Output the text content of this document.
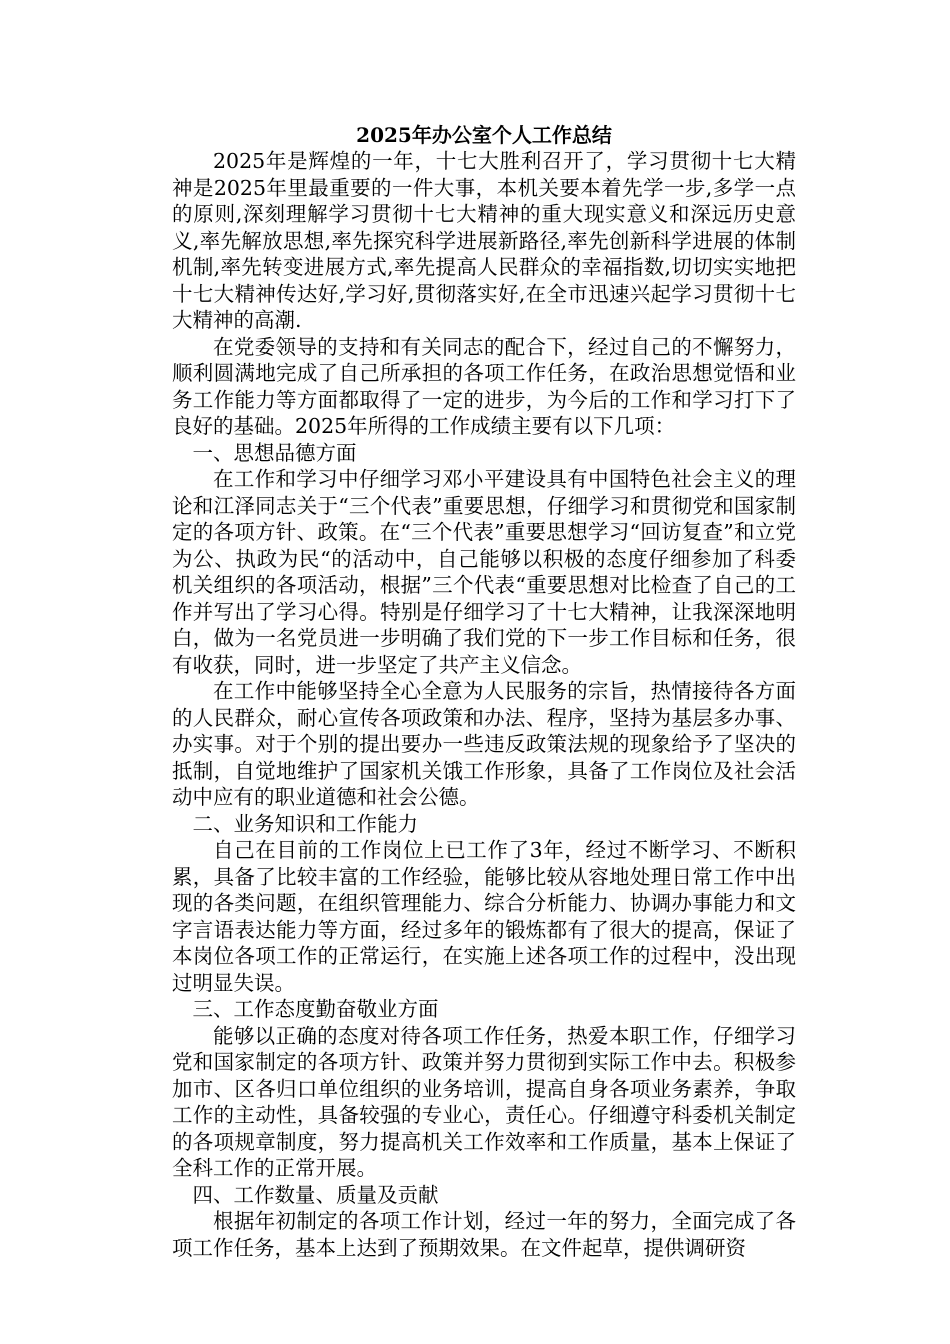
2025年办公室个人工作总结

2025年是辉煌的一年，十七大胜利召开了，学习贯彻十七大精神是2025年里最重要的一件大事，本机关要本着先学一步,多学一点的原则,深刻理解学习贯彻十七大精神的重大现实意义和深远历史意义,率先解放思想,率先探究科学进展新路径,率先创新科学进展的体制机制,率先转变进展方式,率先提高人民群众的幸福指数,切切实实地把十七大精神传达好,学习好,贯彻落实好,在全市迅速兴起学习贯彻十七大精神的高潮.

在党委领导的支持和有关同志的配合下，经过自己的不懈努力，顺利圆满地完成了自己所承担的各项工作任务，在政治思想觉悟和业务工作能力等方面都取得了一定的进步，为今后的工作和学习打下了良好的基础。2025年所得的工作成绩主要有以下几项：

一、思想品德方面

在工作和学习中仔细学习邓小平建设具有中国特色社会主义的理论和江泽同志关于“三个代表”重要思想，仔细学习和贯彻党和国家制定的各项方针、政策。在“三个代表”重要思想学习“回访复查”和立党为公、执政为民“的活动中，自己能够以积极的态度仔细参加了科委机关组织的各项活动，根据”三个代表“重要思想对比检查了自己的工作并写出了学习心得。特别是仔细学习了十七大精神，让我深深地明白，做为一名党员进一步明确了我们党的下一步工作目标和任务，很有收获，同时，进一步坚定了共产主义信念。

在工作中能够坚持全心全意为人民服务的宗旨，热情接待各方面的人民群众，耐心宣传各项政策和办法、程序，坚持为基层多办事、办实事。对于个别的提出要办一些违反政策法规的现象给予了坚决的抵制，自觉地维护了国家机关饿工作形象，具备了工作岗位及社会活动中应有的职业道德和社会公德。

二、业务知识和工作能力

自己在目前的工作岗位上已工作了3年，经过不断学习、不断积累，具备了比较丰富的工作经验，能够比较从容地处理日常工作中出现的各类问题，在组织管理能力、综合分析能力、协调办事能力和文字言语表达能力等方面，经过多年的锻炼都有了很大的提高，保证了本岗位各项工作的正常运行，在实施上述各项工作的过程中，没出现过明显失误。

三、工作态度勤奋敬业方面

能够以正确的态度对待各项工作任务，热爱本职工作，仔细学习党和国家制定的各项方针、政策并努力贯彻到实际工作中去。积极参加市、区各归口单位组织的业务培训，提高自身各项业务素养，争取工作的主动性，具备较强的专业心，责任心。仔细遵守科委机关制定的各项规章制度，努力提高机关工作效率和工作质量，基本上保证了全科工作的正常开展。

四、工作数量、质量及贡献

根据年初制定的各项工作计划，经过一年的努力，全面完成了各项工作任务，基本上达到了预期效果。在文件起草，提供调研资
